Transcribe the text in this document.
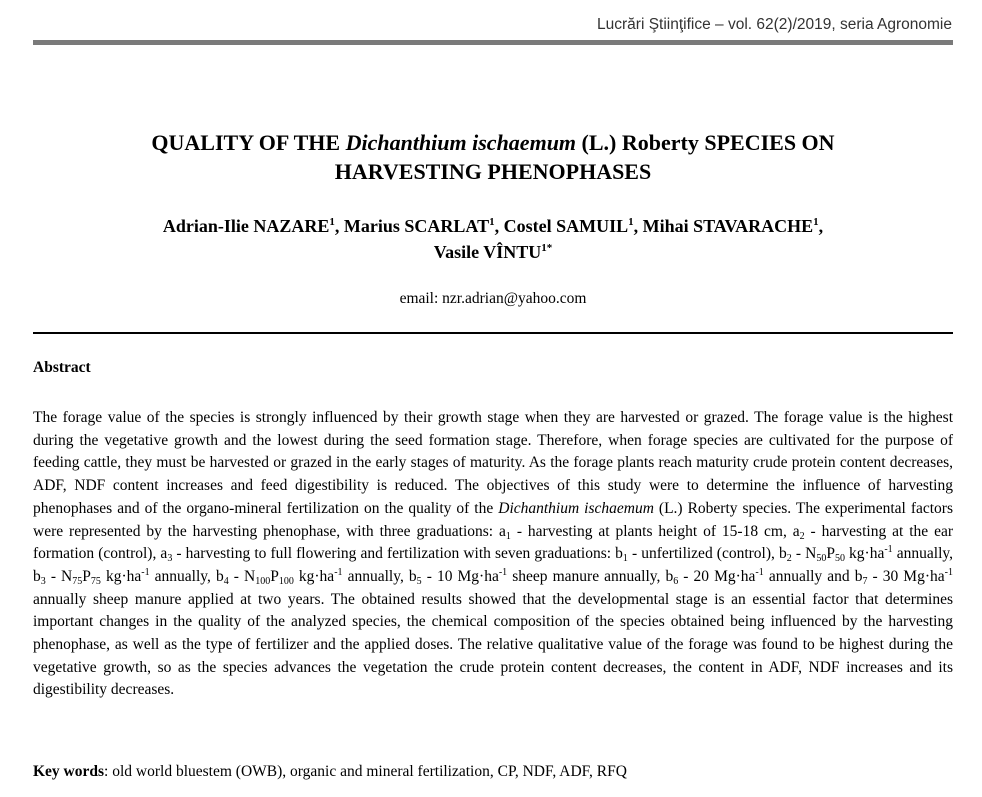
Lucrări Ştiinţifice – vol. 62(2)/2019, seria Agronomie
QUALITY OF THE Dichanthium ischaemum (L.) Roberty SPECIES ON
HARVESTING PHENOPHASES
Adrian-Ilie NAZARE$^1$, Marius SCARLAT$^1$, Costel SAMUIL$^1$, Mihai STAVARACHE$^1$,
Vasile $VÎNTU^{1*}$
email: nzr.adrian@yahoo.com
Abstract

The forage value of the species is strongly influenced by their growth stage when they are harvested or grazed. The forage value is the highest during the vegetative growth and the lowest during the seed formation stage. Therefore, when forage species are cultivated for the purpose of feeding cattle, they must be harvested or grazed in the early stages of maturity. As the forage plants reach maturity crude protein content decreases, ADF, NDF content increases and feed digestibility is reduced. The objectives of this study were to determine the influence of harvesting phenophases and of the organo-mineral fertilization on the quality of the Dichanthium ischaemum (L.) Roberty species. The experimental factors were represented by the harvesting phenophase, with three graduations: $a_1$ - harvesting at plants height of 15-18 cm, $a_2$ - harvesting at the ear formation (control), $a_3$ - harvesting to full flowering and fertilization with seven graduations: $b_1$ - unfertilized (control), $b_2 - N_{50}P_{50}$ $kg\cdot ha^{-1}$ annually, $b_3 - N_{75}P_{75}$ $kg\cdot ha^{-1}$ annually, $b_4 - N_{100}P_{100}$ $kg\cdot ha^{-1}$ annually, $b_5 - 10$ $Mg\cdot ha^{-1}$ sheep manure annually, $b_6 - 20$ $Mg\cdot ha^{-1}$ annually and $b_7 - 30$ $Mg\cdot ha^{-1}$ annually sheep manure applied at two years. The obtained results showed that the developmental stage is an essential factor that determines important changes in the quality of the analyzed species, the chemical composition of the species obtained being influenced by the harvesting phenophase, as well as the type of fertilizer and the applied doses. The relative qualitative value of the forage was found to be highest during the vegetative growth, so as the species advances the vegetation the crude protein content decreases, the content in ADF, NDF increases and its digestibility decreases.

Key words: old world bluestem (OWB), organic and mineral fertilization, CP, NDF, ADF, RFQ
